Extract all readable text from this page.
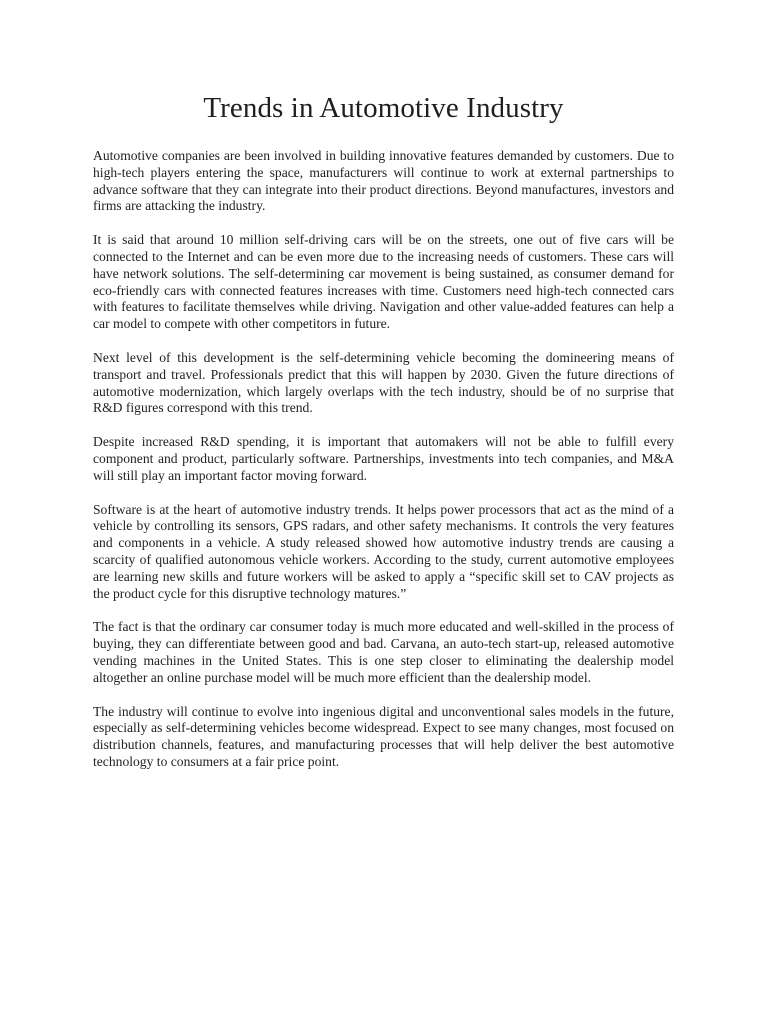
Trends in Automotive Industry

Automotive companies are been involved in building innovative features demanded by customers. Due to high-tech players entering the space, manufacturers will continue to work at external partnerships to advance software that they can integrate into their product directions. Beyond manufactures, investors and firms are attacking the industry.

It is said that around 10 million self-driving cars will be on the streets, one out of five cars will be connected to the Internet and can be even more due to the increasing needs of customers. These cars will have network solutions. The self-determining car movement is being sustained, as consumer demand for eco-friendly cars with connected features increases with time. Customers need high-tech connected cars with features to facilitate themselves while driving. Navigation and other value-added features can help a car model to compete with other competitors in future.

Next level of this development is the self-determining vehicle becoming the domineering means of transport and travel. Professionals predict that this will happen by 2030. Given the future directions of automotive modernization, which largely overlaps with the tech industry, should be of no surprise that R&D figures correspond with this trend.

Despite increased R&D spending, it is important that automakers will not be able to fulfill every component and product, particularly software. Partnerships, investments into tech companies, and M&A will still play an important factor moving forward.

Software is at the heart of automotive industry trends. It helps power processors that act as the mind of a vehicle by controlling its sensors, GPS radars, and other safety mechanisms. It controls the very features and components in a vehicle. A study released showed how automotive industry trends are causing a scarcity of qualified autonomous vehicle workers. According to the study, current automotive employees are learning new skills and future workers will be asked to apply a “specific skill set to CAV projects as the product cycle for this disruptive technology matures.”

The fact is that the ordinary car consumer today is much more educated and well-skilled in the process of buying, they can differentiate between good and bad. Carvana, an auto-tech start-up, released automotive vending machines in the United States. This is one step closer to eliminating the dealership model altogether an online purchase model will be much more efficient than the dealership model.

The industry will continue to evolve into ingenious digital and unconventional sales models in the future, especially as self-determining vehicles become widespread. Expect to see many changes, most focused on distribution channels, features, and manufacturing processes that will help deliver the best automotive technology to consumers at a fair price point.
